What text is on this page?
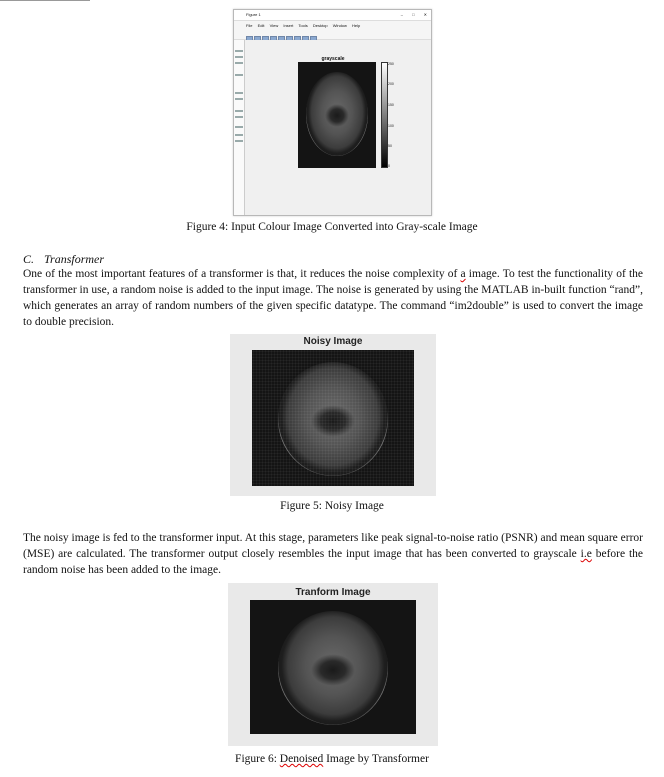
Figure 1	– □ ✕
File Edit View Insert Tools Desktop Window Help
grayscale
250
200
150
100
50
0
Figure 4: Input Colour Image Converted into Gray-scale Image
C. Transformer
One of the most important features of a transformer is that, it reduces the noise complexity of a image. To test the functionality of the transformer in use, a random noise is added to the input image. The noise is generated by using the MATLAB in-built function “rand”, which generates an array of random numbers of the given specific datatype. The command “im2double” is used to convert the image to double precision.
Noisy Image
Figure 5: Noisy Image
The noisy image is fed to the transformer input. At this stage, parameters like peak signal-to-noise ratio (PSNR) and mean square error (MSE) are calculated. The transformer output closely resembles the input image that has been converted to grayscale i.e before the random noise has been added to the image.
Tranform Image
Figure 6: Denoised Image by Transformer
